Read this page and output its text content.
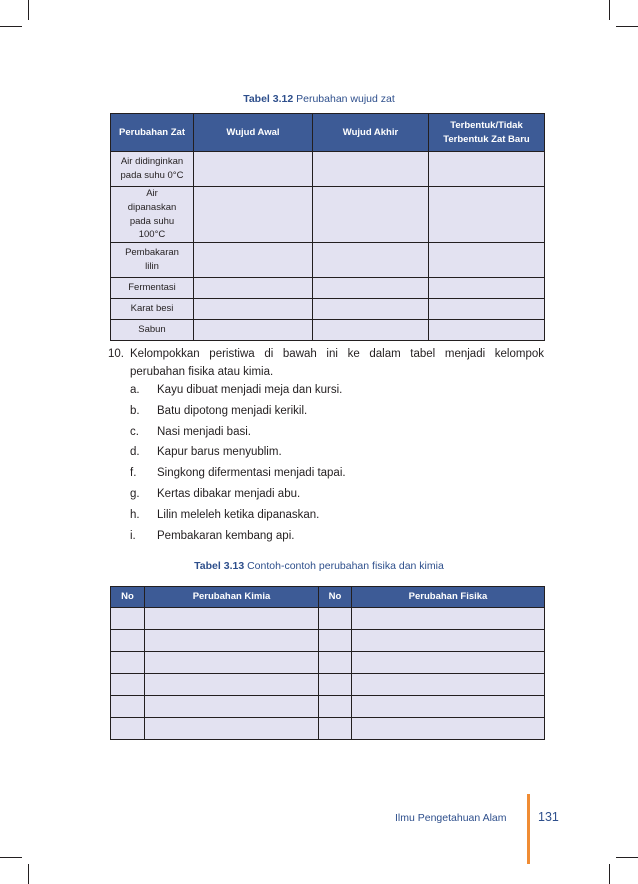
Tabel 3.12 Perubahan wujud zat
Perubahan Zat	Wujud Awal	Wujud Akhir	Terbentuk/Tidak Terbentuk Zat Baru
Air didinginkan pada suhu 0°C			
Air dipanaskan pada suhu 100°C			
Pembakaran lilin			
Fermentasi			
Karat besi			
Sabun			
10. Kelompokkan peristiwa di bawah ini ke dalam tabel menjadi kelompok perubahan fisika atau kimia.
a. Kayu dibuat menjadi meja dan kursi.
b. Batu dipotong menjadi kerikil.
c. Nasi menjadi basi.
d. Kapur barus menyublim.
f. Singkong difermentasi menjadi tapai.
g. Kertas dibakar menjadi abu.
h. Lilin meleleh ketika dipanaskan.
i. Pembakaran kembang api.
Tabel 3.13 Contoh-contoh perubahan fisika dan kimia
No	Perubahan Kimia	No	Perubahan Fisika

Ilmu Pengetahuan Alam	131
